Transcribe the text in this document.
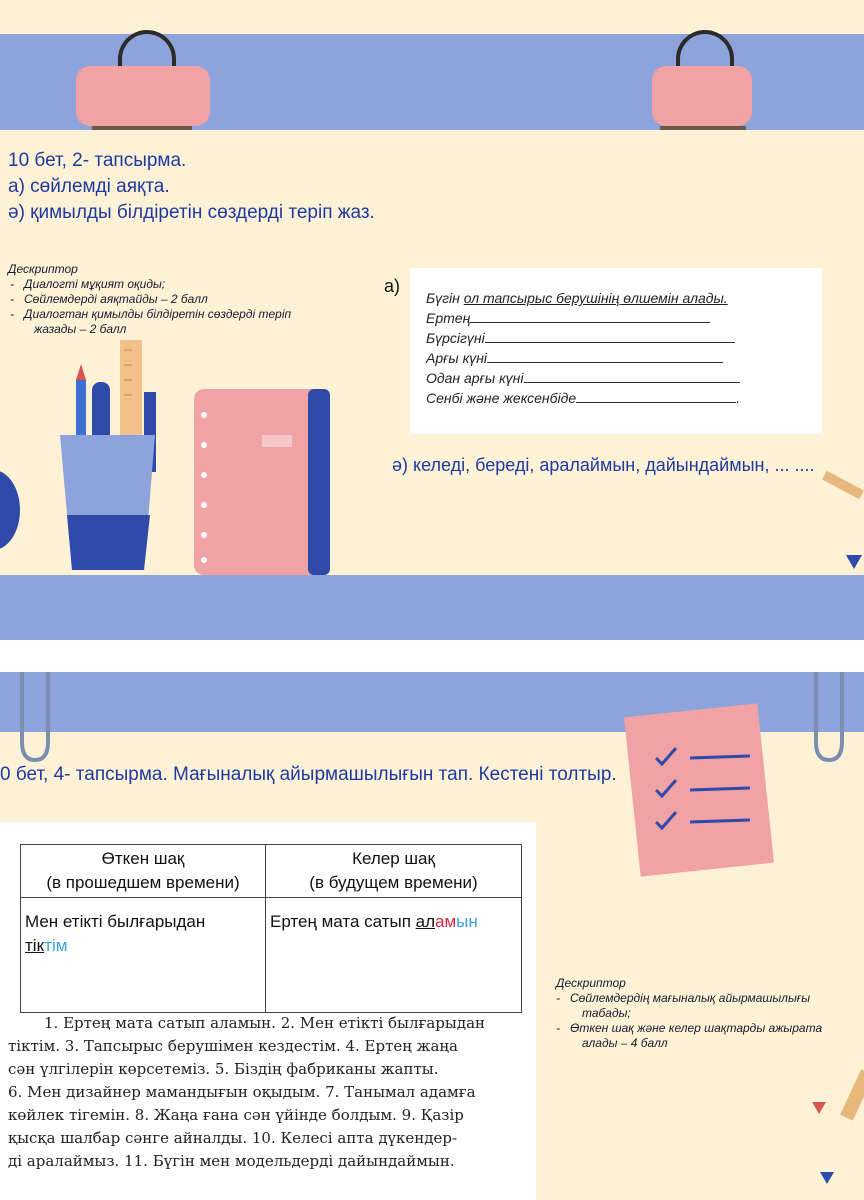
10 бет, 2- тапсырма.
а) сөйлемді аяқта.
ә) қимылды білдіретін сөздерді теріп жаз.
Дескриптор
-   Диалогті мұқият оқиды;
-   Сөйлемдерді аяқтайды – 2 балл
-   Диалогтан қимылды білдіретін сөздерді теріп
жазады – 2 балл
а)
Бүгін ол тапсырыс берушінің өлшемін алады.
Ертең
Бүрсігүні
Арғы күні
Одан арғы күні
Сенбі және жексенбіде	.
ә) келеді, береді, аралаймын, дайындаймын, ... ....
0 бет, 4- тапсырма. Мағыналық айырмашылығын тап. Кестені толтыр.
Өткен шақ
(в прошедшем времени)	Келер шақ
(в будущем времени)
Мен етікті былғарыдан
тіктім	Ертең мата сатып аламын
1. Ертең мата сатып аламын. 2. Мен етікті былғарыдан
тіктім. 3. Тапсырыс берушімен кездестім. 4. Ертең жаңа
сән үлгілерін көрсетеміз. 5. Біздің фабриканы жапты.
6. Мен дизайнер мамандығын оқыдым. 7. Танымал адамға
көйлек тігемін. 8. Жаңа ғана сән үйінде болдым. 9. Қазір
қысқа шалбар сәнге айналды. 10. Келесі апта дүкендер-
ді аралаймыз. 11. Бүгін мен модельдерді дайындаймын.
Дескриптор
-   Сөйлемдердің мағыналық айырмашылығы
табады;
-   Өткен шақ және келер шақтарды ажырата
алады – 4 балл
